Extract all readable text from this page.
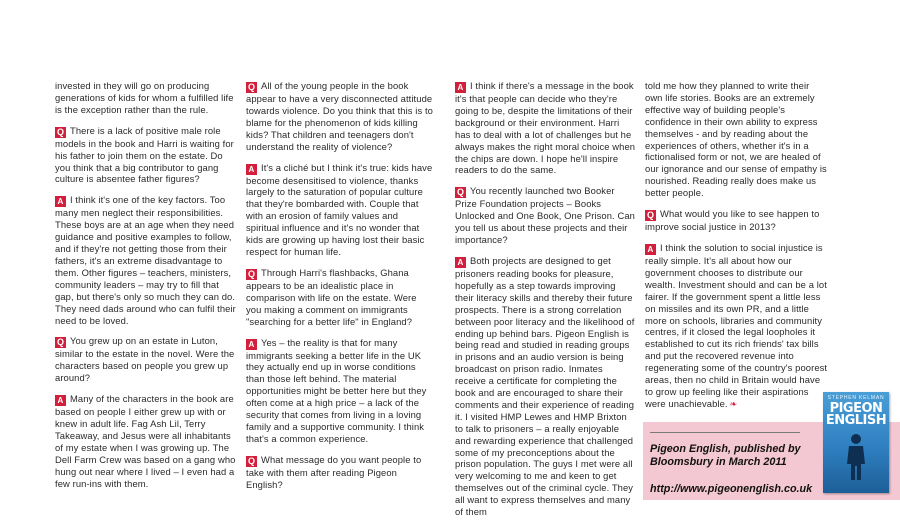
invested in they will go on producing generations of kids for whom a fulfilled life is the exception rather than the rule.

Q There is a lack of positive male role models in the book and Harri is waiting for his father to join them on the estate. Do you think that a big contributor to gang culture is absentee father figures?

A I think it's one of the key factors. Too many men neglect their responsibilities. These boys are at an age when they need guidance and positive examples to follow, and if they're not getting those from their fathers, it's an extreme disadvantage to them. Other figures – teachers, ministers, community leaders – may try to fill that gap, but there's only so much they can do. They need dads around who can fulfil their need to be loved.

Q You grew up on an estate in Luton, similar to the estate in the novel. Were the characters based on people you grew up around?

A Many of the characters in the book are based on people I either grew up with or knew in adult life. Fag Ash Lil, Terry Takeaway, and Jesus were all inhabitants of my estate when I was growing up. The Dell Farm Crew was based on a gang who hung out near where I lived – I even had a few run-ins with them.

Q All of the young people in the book appear to have a very disconnected attitude towards violence. Do you think that this is to blame for the phenomenon of kids killing kids? That children and teenagers don't understand the reality of violence?

A It's a cliché but I think it's true: kids have become desensitised to violence, thanks largely to the saturation of popular culture that they're bombarded with. Couple that with an erosion of family values and spiritual influence and it's no wonder that kids are growing up having lost their basic respect for human life.

Q Through Harri's flashbacks, Ghana appears to be an idealistic place in comparison with life on the estate. Were you making a comment on immigrants "searching for a better life" in England?

A Yes – the reality is that for many immigrants seeking a better life in the UK they actually end up in worse conditions than those left behind. The material opportunities might be better here but they often come at a high price – a lack of the security that comes from living in a loving family and a supportive community. I think that's a common experience.

Q What message do you want people to take with them after reading Pigeon English?

A I think if there's a message in the book it's that people can decide who they're going to be, despite the limitations of their background or their environment. Harri has to deal with a lot of challenges but he always makes the right moral choice when the chips are down. I hope he'll inspire readers to do the same.

Q You recently launched two Booker Prize Foundation projects – Books Unlocked and One Book, One Prison. Can you tell us about these projects and their importance?

A Both projects are designed to get prisoners reading books for pleasure, hopefully as a step towards improving their literacy skills and thereby their future prospects. There is a strong correlation between poor literacy and the likelihood of ending up behind bars. Pigeon English is being read and studied in reading groups in prisons and an audio version is being broadcast on prison radio. Inmates receive a certificate for completing the book and are encouraged to share their comments and their experience of reading it. I visited HMP Lewes and HMP Brixton to talk to prisoners – a really enjoyable and rewarding experience that challenged some of my preconceptions about the prison population. The guys I met were all very welcoming to me and keen to get themselves out of the criminal cycle. They all want to express themselves and many of them

told me how they planned to write their own life stories. Books are an extremely effective way of building people's confidence in their own ability to express themselves - and by reading about the experiences of others, whether it's in a fictionalised form or not, we are healed of our ignorance and our sense of empathy is nourished. Reading really does make us better people.

Q What would you like to see happen to improve social justice in 2013?

A I think the solution to social injustice is really simple. It's all about how our government chooses to distribute our wealth. Investment should and can be a lot fairer. If the government spent a little less on missiles and its own PR, and a little more on schools, libraries and community centres, if it closed the legal loopholes it established to cut its rich friends' tax bills and put the recovered revenue into regenerating some of the country's poorest areas, then no child in Britain would have to grow up feeling like their aspirations were unachievable. ❧

Pigeon English, published by Bloomsbury in March 2011
http://www.pigeonenglish.co.uk
STEPHEN KELMAN
PIGEON ENGLISH
